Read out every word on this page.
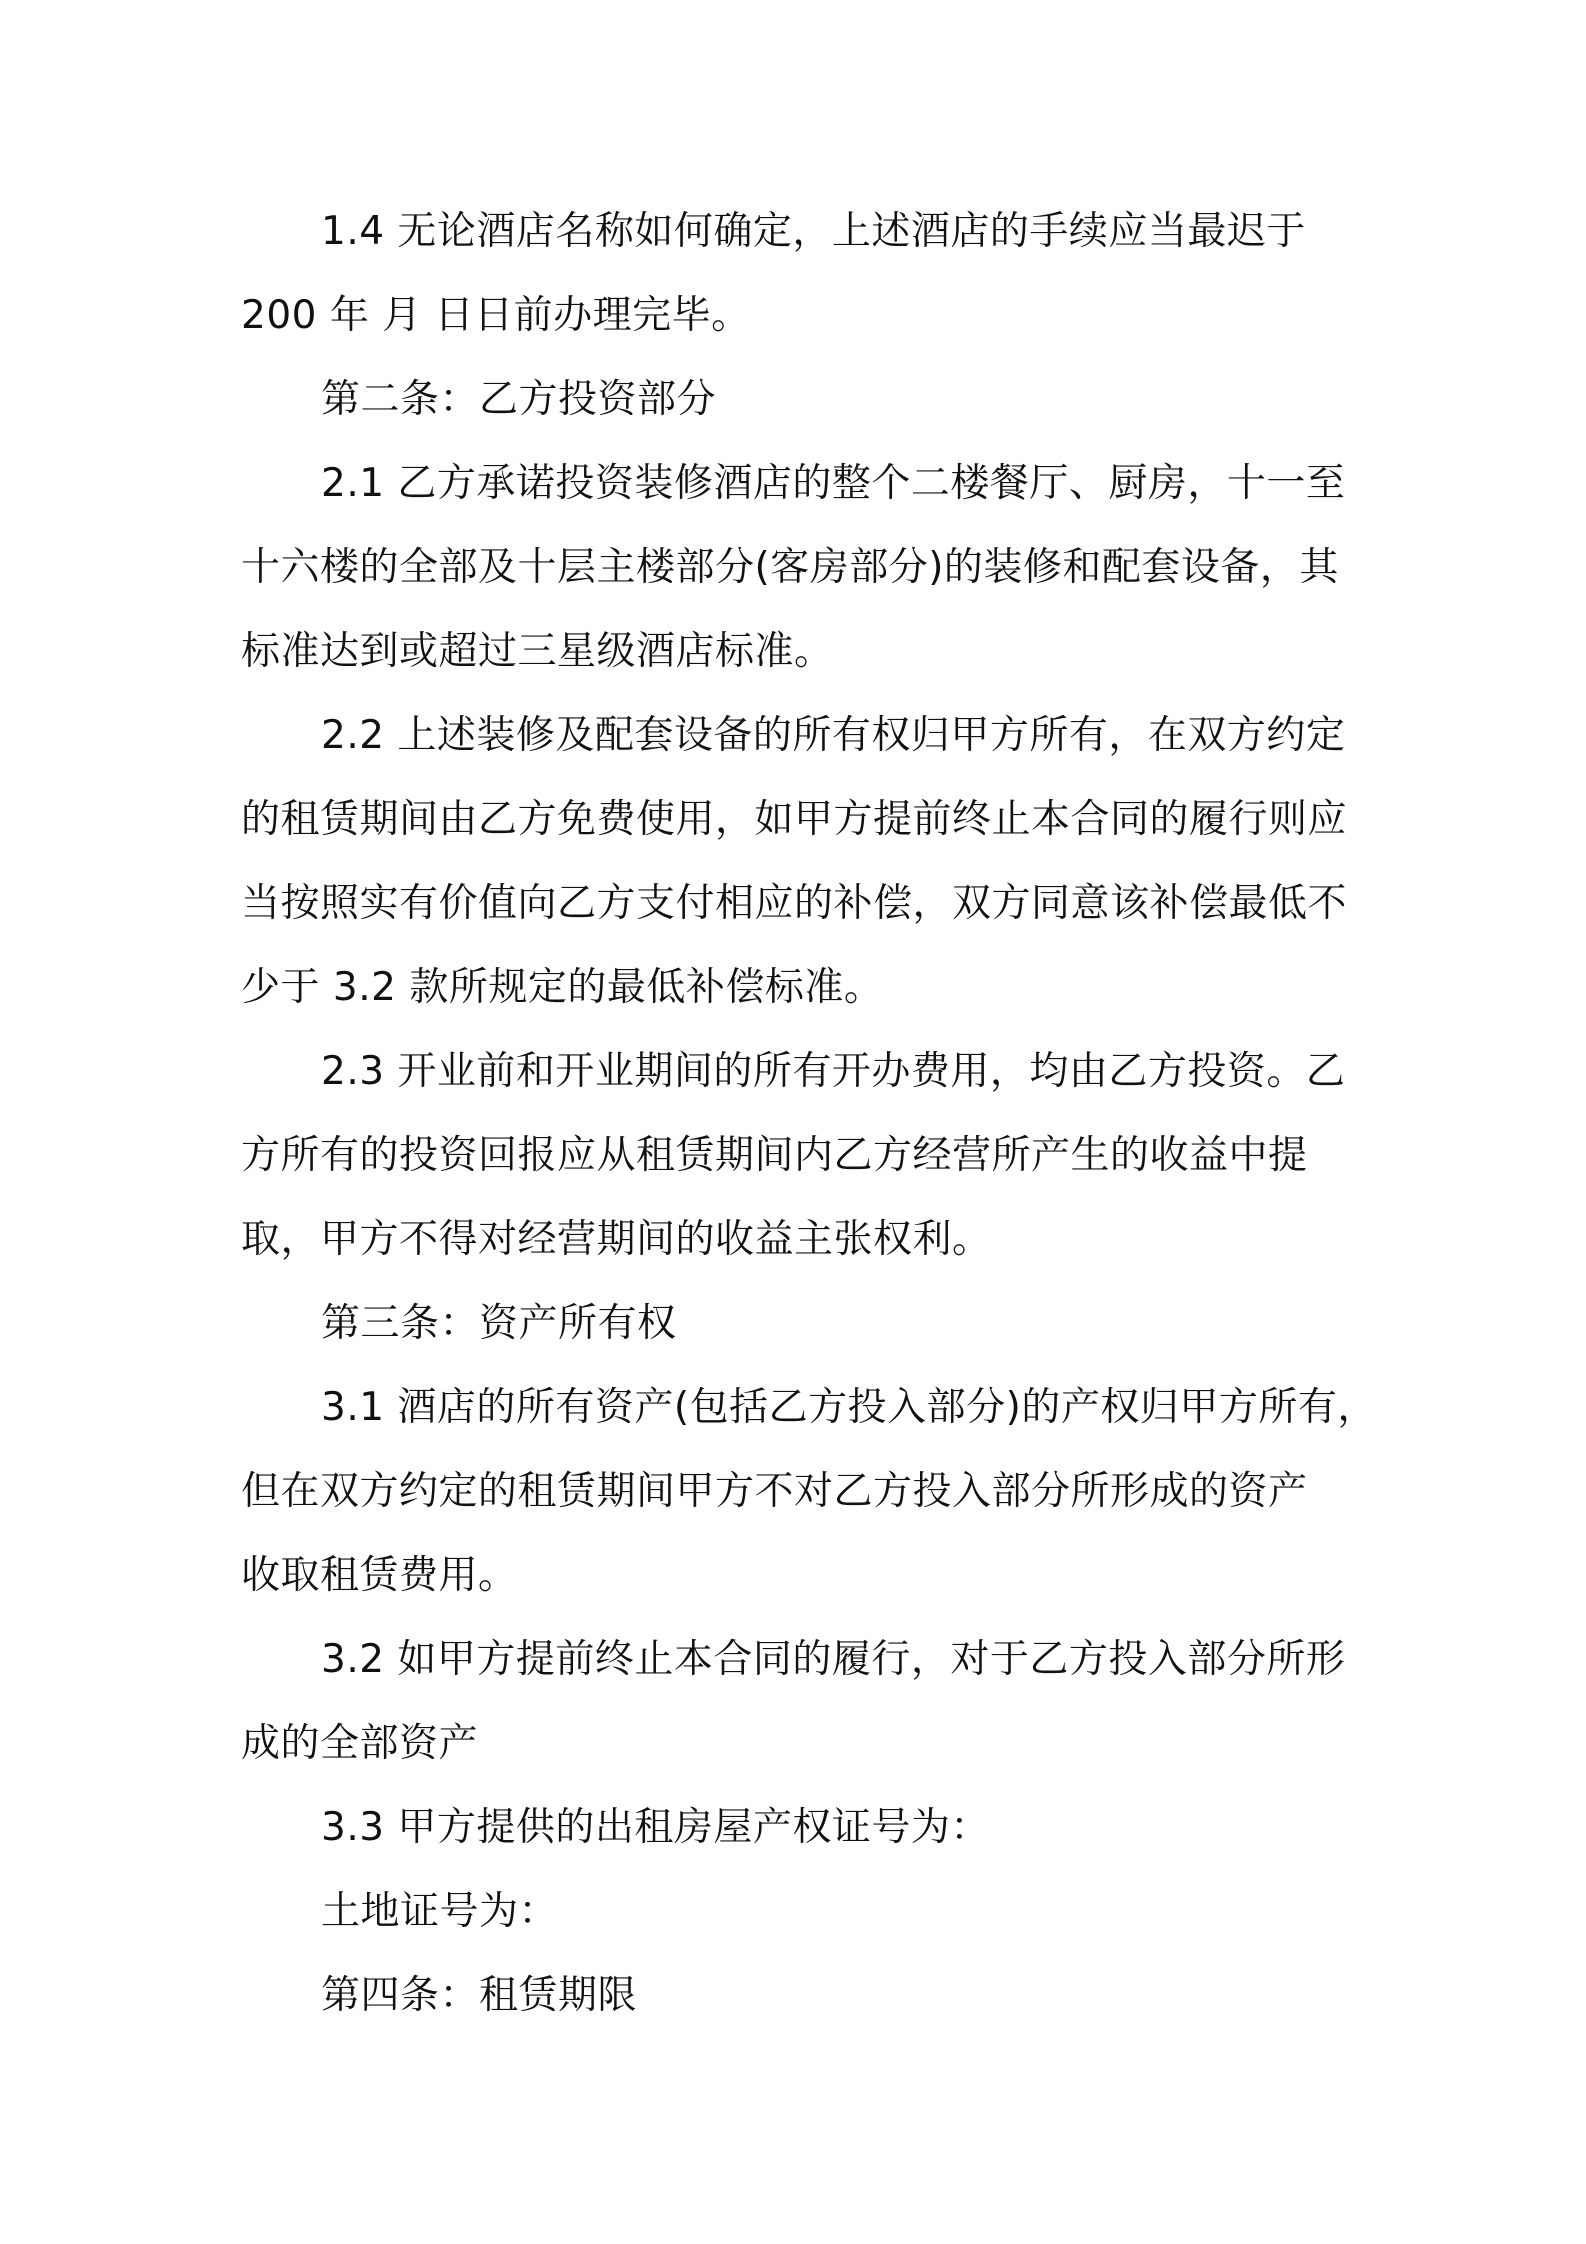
1.4 无论酒店名称如何确定，上述酒店的手续应当最迟于
200 年 月 日日前办理完毕。

第二条：乙方投资部分

2.1 乙方承诺投资装修酒店的整个二楼餐厅、厨房，十一至
十六楼的全部及十层主楼部分(客房部分)的装修和配套设备，其
标准达到或超过三星级酒店标准。

2.2 上述装修及配套设备的所有权归甲方所有，在双方约定
的租赁期间由乙方免费使用，如甲方提前终止本合同的履行则应
当按照实有价值向乙方支付相应的补偿，双方同意该补偿最低不
少于 3.2 款所规定的最低补偿标准。

2.3 开业前和开业期间的所有开办费用，均由乙方投资。乙
方所有的投资回报应从租赁期间内乙方经营所产生的收益中提
取，甲方不得对经营期间的收益主张权利。

第三条：资产所有权

3.1 酒店的所有资产(包括乙方投入部分)的产权归甲方所有，
但在双方约定的租赁期间甲方不对乙方投入部分所形成的资产
收取租赁费用。

3.2 如甲方提前终止本合同的履行，对于乙方投入部分所形
成的全部资产

3.3 甲方提供的出租房屋产权证号为：

土地证号为：

第四条：租赁期限
